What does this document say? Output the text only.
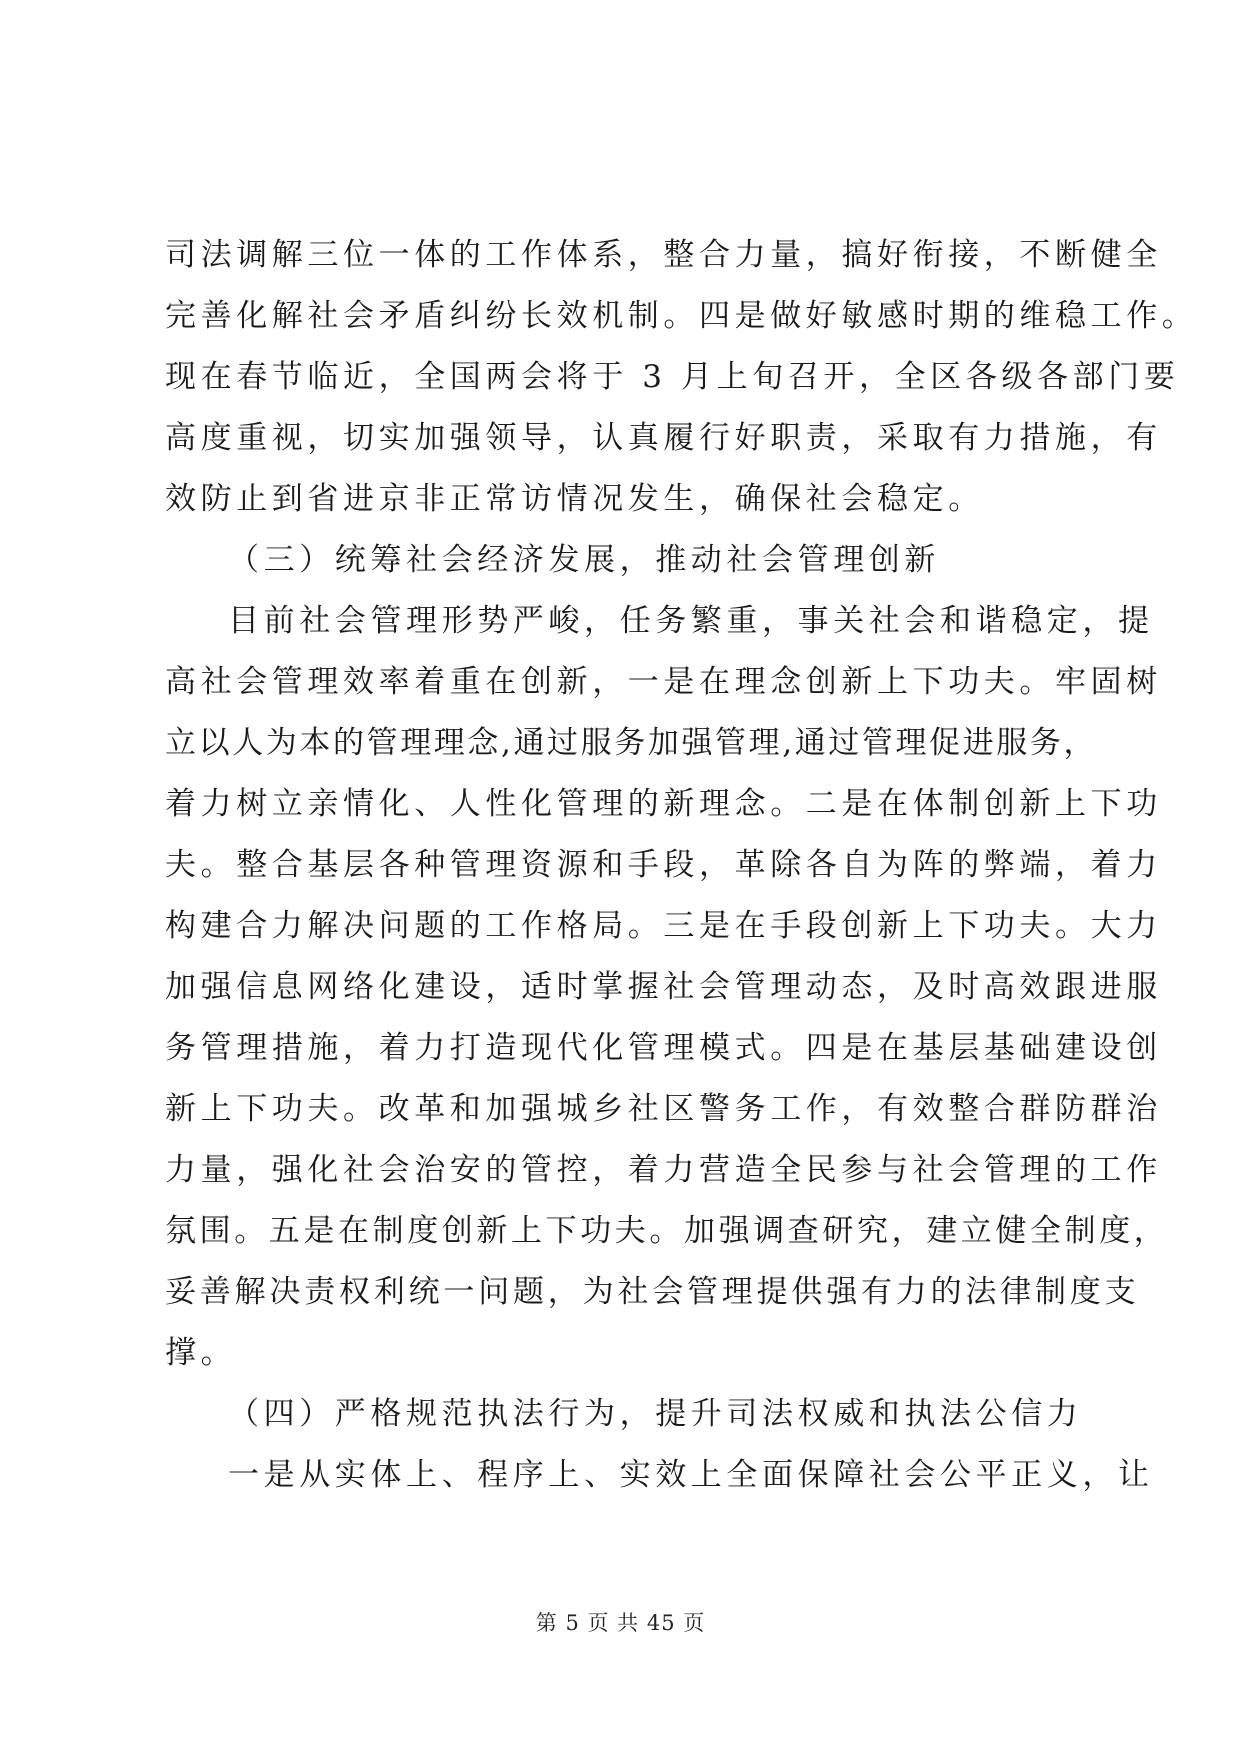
司法调解三位一体的工作体系，整合力量，搞好衔接，不断健全
完善化解社会矛盾纠纷长效机制。四是做好敏感时期的维稳工作。
现在春节临近，全国两会将于 3 月上旬召开，全区各级各部门要
高度重视，切实加强领导，认真履行好职责，采取有力措施，有
效防止到省进京非正常访情况发生，确保社会稳定。
（三）统筹社会经济发展，推动社会管理创新
目前社会管理形势严峻，任务繁重，事关社会和谐稳定，提
高社会管理效率着重在创新，一是在理念创新上下功夫。牢固树
立以人为本的管理理念,通过服务加强管理,通过管理促进服务，
着力树立亲情化、人性化管理的新理念。二是在体制创新上下功
夫。整合基层各种管理资源和手段，革除各自为阵的弊端，着力
构建合力解决问题的工作格局。三是在手段创新上下功夫。大力
加强信息网络化建设，适时掌握社会管理动态，及时高效跟进服
务管理措施，着力打造现代化管理模式。四是在基层基础建设创
新上下功夫。改革和加强城乡社区警务工作，有效整合群防群治
力量，强化社会治安的管控，着力营造全民参与社会管理的工作
氛围。五是在制度创新上下功夫。加强调查研究，建立健全制度，
妥善解决责权利统一问题，为社会管理提供强有力的法律制度支
撑。
（四）严格规范执法行为，提升司法权威和执法公信力
一是从实体上、程序上、实效上全面保障社会公平正义，让
第 5 页 共 45 页
